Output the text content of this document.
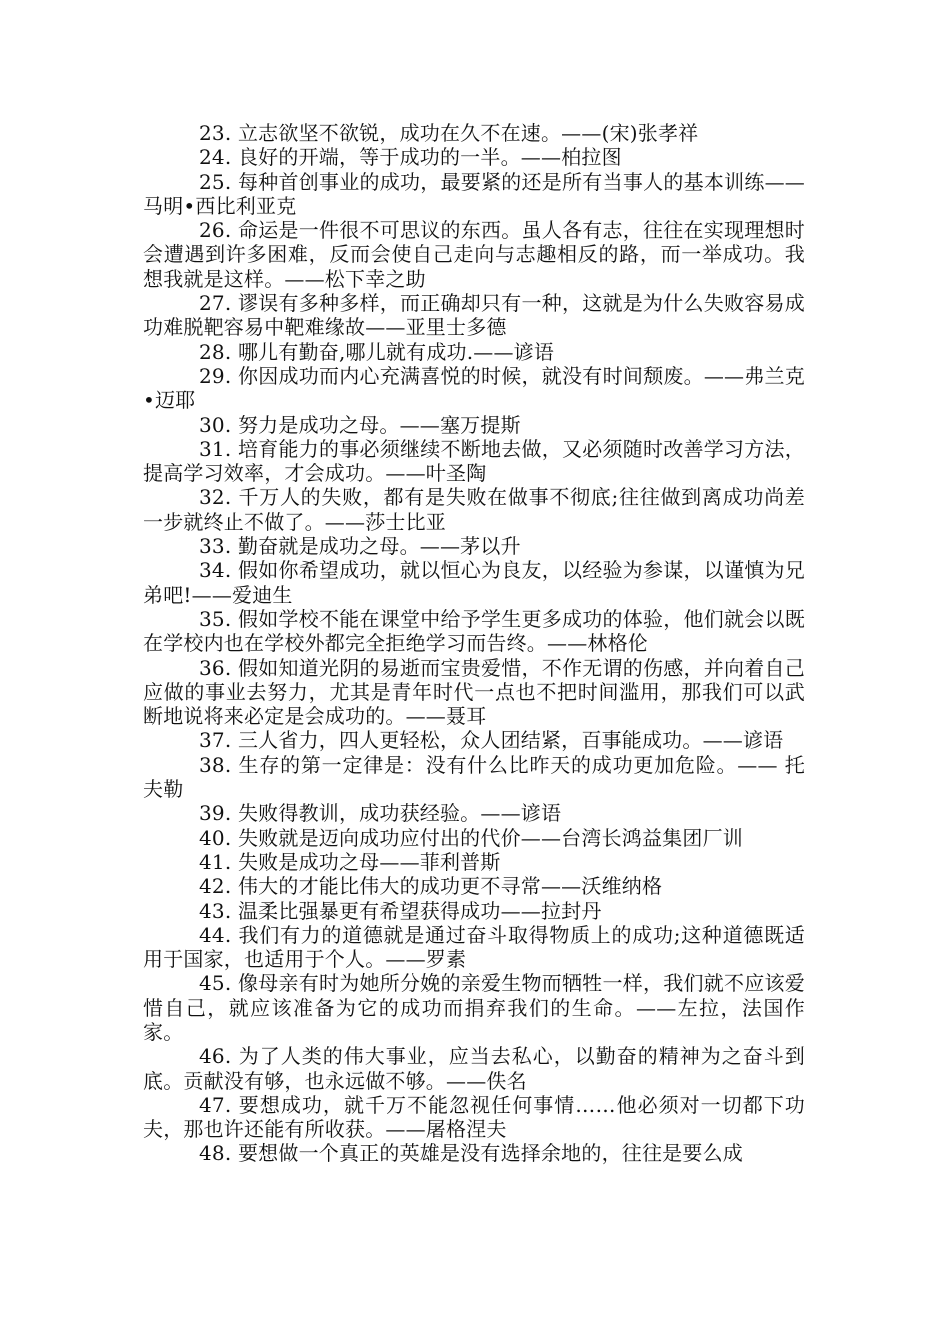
23. 立志欲坚不欲锐，成功在久不在速。——(宋)张孝祥

24. 良好的开端，等于成功的一半。——柏拉图

25. 每种首创事业的成功，最要紧的还是所有当事人的基本训练——马明•西比利亚克

26. 命运是一件很不可思议的东西。虽人各有志，往往在实现理想时会遭遇到许多困难，反而会使自己走向与志趣相反的路，而一举成功。我想我就是这样。——松下幸之助

27. 谬误有多种多样，而正确却只有一种，这就是为什么失败容易成功难脱靶容易中靶难缘故——亚里士多德

28. 哪儿有勤奋,哪儿就有成功.——谚语

29. 你因成功而内心充满喜悦的时候，就没有时间颓废。——弗兰克•迈耶

30. 努力是成功之母。——塞万提斯

31. 培育能力的事必须继续不断地去做，又必须随时改善学习方法，提高学习效率，才会成功。——叶圣陶

32. 千万人的失败，都有是失败在做事不彻底;往往做到离成功尚差一步就终止不做了。——莎士比亚

33. 勤奋就是成功之母。——茅以升

34. 假如你希望成功，就以恒心为良友，以经验为参谋，以谨慎为兄弟吧!——爱迪生

35. 假如学校不能在课堂中给予学生更多成功的体验，他们就会以既在学校内也在学校外都完全拒绝学习而告终。——林格伦

36. 假如知道光阴的易逝而宝贵爱惜，不作无谓的伤感，并向着自己应做的事业去努力，尤其是青年时代一点也不把时间滥用，那我们可以武断地说将来必定是会成功的。——聂耳

37. 三人省力，四人更轻松，众人团结紧，百事能成功。——谚语

38. 生存的第一定律是：没有什么比昨天的成功更加危险。—— 托夫勒

39. 失败得教训，成功获经验。——谚语

40. 失败就是迈向成功应付出的代价——台湾长鸿益集团厂训

41. 失败是成功之母——菲利普斯

42. 伟大的才能比伟大的成功更不寻常——沃维纳格

43. 温柔比强暴更有希望获得成功——拉封丹

44. 我们有力的道德就是通过奋斗取得物质上的成功;这种道德既适用于国家，也适用于个人。——罗素

45. 像母亲有时为她所分娩的亲爱生物而牺牲一样，我们就不应该爱惜自己，就应该准备为它的成功而捐弃我们的生命。——左拉，法国作家。

46. 为了人类的伟大事业，应当去私心，以勤奋的精神为之奋斗到底。贡献没有够，也永远做不够。——佚名

47. 要想成功，就千万不能忽视任何事情……他必须对一切都下功夫，那也许还能有所收获。——屠格涅夫

48. 要想做一个真正的英雄是没有选择余地的，往往是要么成
